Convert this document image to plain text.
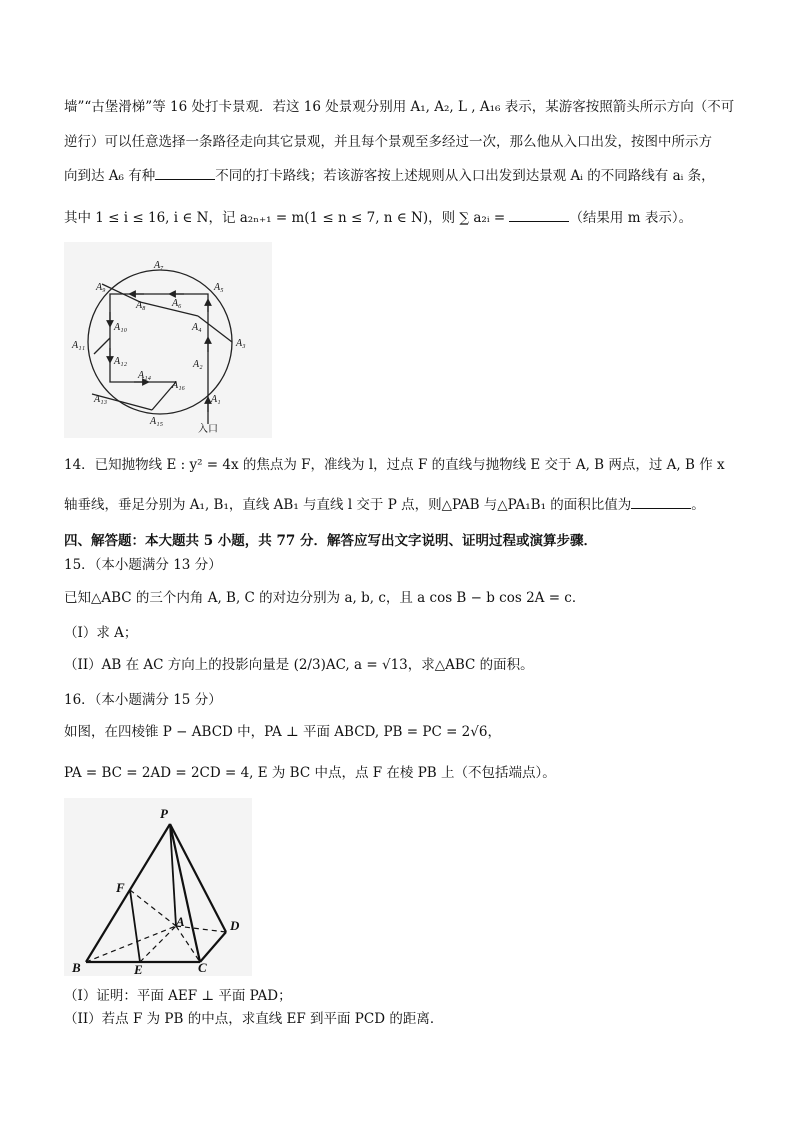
墙”“古堡滑梯”等 16 处打卡景观．若这 16 处景观分别用 A₁, A₂, L , A₁₆ 表示，某游客按照箭头所示方向（不可
逆行）可以任意选择一条路径走向其它景观，并且每个景观至多经过一次，那么他从入口出发，按图中所示方
向到达 A₆ 有种	不同的打卡路线；若该游客按上述规则从入口出发到达景观 Aᵢ 的不同路线有 aᵢ 条，
其中 1 ≤ i ≤ 16, i ∈ N，记 a₂ₙ₊₁ = m(1 ≤ n ≤ 7, n ∈ N)，则 ∑ a₂ᵢ =	（结果用 m 表示）。
A₁
A₂
A₃
A₄
A₅
A₆
A₇
A₈
A₉
A₁₀
A₁₁
A₁₂
A₁₃
A₁₄
A₁₅
A₁₆
入口
14．已知抛物线 E : y² = 4x 的焦点为 F，准线为 l，过点 F 的直线与抛物线 E 交于 A, B 两点，过 A, B 作 x
轴垂线，垂足分别为 A₁, B₁，直线 AB₁ 与直线 l 交于 P 点，则△PAB 与△PA₁B₁ 的面积比值为	。
四、解答题：本大题共 5 小题，共 77 分．解答应写出文字说明、证明过程或演算步骤．
15．（本小题满分 13 分）
已知△ABC 的三个内角 A, B, C 的对边分别为 a, b, c，且 a cos B − b cos 2A = c．
（I）求 A；
（II）AB 在 AC 方向上的投影向量是 (2/3)AC, a = √13，求△ABC 的面积。
16．（本小题满分 15 分）
如图，在四棱锥 P − ABCD 中，PA ⊥ 平面 ABCD, PB = PC = 2√6，
PA = BC = 2AD = 2CD = 4, E 为 BC 中点，点 F 在棱 PB 上（不包括端点）。
P
A
B	C
D
E
F
（I）证明：平面 AEF ⊥ 平面 PAD；
（II）若点 F 为 PB 的中点，求直线 EF 到平面 PCD 的距离．
